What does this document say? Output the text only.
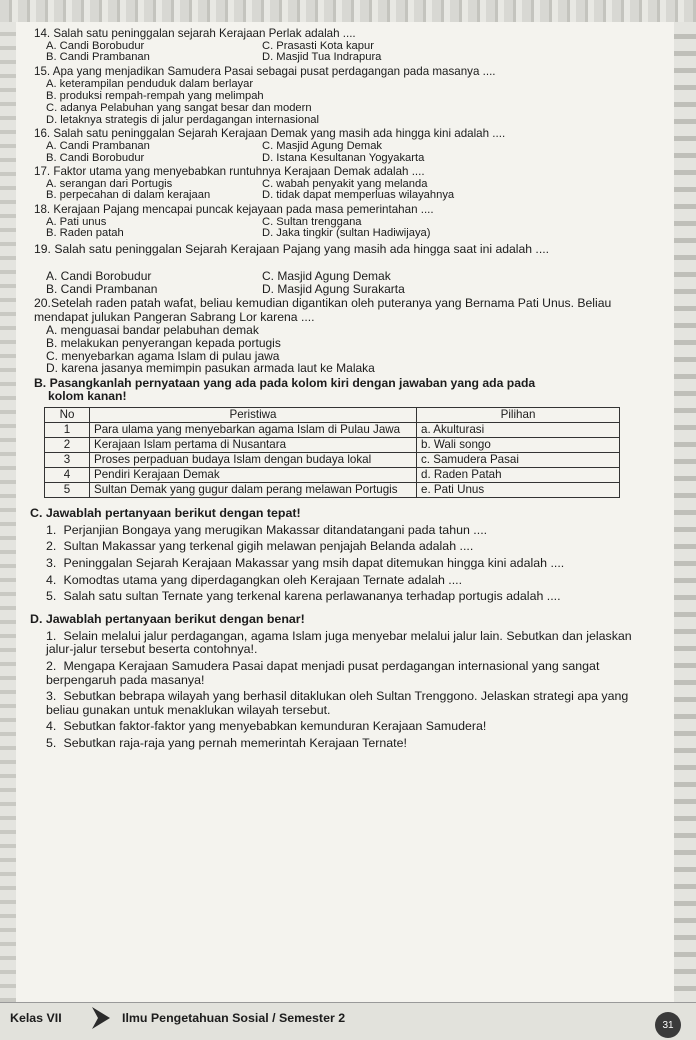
14. Salah satu peninggalan sejarah Kerajaan Perlak adalah ....

A. Candi Borobudur	C. Prasasti Kota kapur
B. Candi Prambanan	D. Masjid Tua Indrapura

15. Apa yang menjadikan Samudera Pasai sebagai pusat perdagangan pada masanya ....

A. keterampilan penduduk dalam berlayar
B. produksi rempah-rempah yang melimpah
C. adanya Pelabuhan yang sangat besar dan modern
D. letaknya strategis di jalur perdagangan internasional

16. Salah satu peninggalan Sejarah Kerajaan Demak yang masih ada hingga kini adalah ....

A. Candi Prambanan	C. Masjid Agung Demak
B. Candi Borobudur	D. Istana Kesultanan Yogyakarta

17. Faktor utama yang menyebabkan runtuhnya Kerajaan Demak adalah ....

A. serangan dari Portugis	C. wabah penyakit yang melanda
B. perpecahan di dalam kerajaan	D. tidak dapat memperluas wilayahnya

18. Kerajaan Pajang mencapai puncak kejayaan pada masa pemerintahan ....

A. Pati unus	C. Sultan trenggana
B. Raden patah	D. Jaka tingkir (sultan Hadiwijaya)

19. Salah satu peninggalan Sejarah Kerajaan Pajang yang masih ada hingga saat ini adalah ....

A. Candi Borobudur	C. Masjid Agung Demak
B. Candi Prambanan	D. Masjid Agung Surakarta

20.Setelah raden patah wafat, beliau kemudian digantikan oleh puteranya yang Bernama Pati Unus. Beliau mendapat julukan Pangeran Sabrang Lor karena ....

A. menguasai bandar pelabuhan demak
B. melakukan penyerangan kepada portugis
C. menyebarkan agama Islam di pulau jawa
D. karena jasanya memimpin pasukan armada laut ke Malaka
B. Pasangkanlah pernyataan yang ada pada kolom kiri dengan jawaban yang ada pada
kolom kanan!
No	Peristiwa	Pilihan
1	Para ulama yang menyebarkan agama Islam di Pulau Jawa	a. Akulturasi
2	Kerajaan Islam pertama di Nusantara	b. Wali songo
3	Proses perpaduan budaya Islam dengan budaya lokal	c. Samudera Pasai
4	Pendiri Kerajaan Demak	d. Raden Patah
5	Sultan Demak yang gugur dalam perang melawan Portugis	e. Pati Unus
C. Jawablah pertanyaan berikut dengan tepat!
1. Perjanjian Bongaya yang merugikan Makassar ditandatangani pada tahun ....
2. Sultan Makassar yang terkenal gigih melawan penjajah Belanda adalah ....
3. Peninggalan Sejarah Kerajaan Makassar yang msih dapat ditemukan hingga kini adalah ....
4. Komodtas utama yang diperdagangkan oleh Kerajaan Ternate adalah ....
5. Salah satu sultan Ternate yang terkenal karena perlawananya terhadap portugis adalah ....
D. Jawablah pertanyaan berikut dengan benar!
1. Selain melalui jalur perdagangan, agama Islam juga menyebar melalui jalur lain. Sebutkan dan jelaskan jalur-jalur tersebut beserta contohnya!.
2. Mengapa Kerajaan Samudera Pasai dapat menjadi pusat perdagangan internasional yang sangat berpengaruh pada masanya!
3. Sebutkan bebrapa wilayah yang berhasil ditaklukan oleh Sultan Trenggono. Jelaskan strategi apa yang beliau gunakan untuk menaklukan wilayah tersebut.
4. Sebutkan faktor-faktor yang menyebabkan kemunduran Kerajaan Samudera!
5. Sebutkan raja-raja yang pernah memerintah Kerajaan Ternate!
Kelas VII	Ilmu Pengetahuan Sosial / Semester 2	31
